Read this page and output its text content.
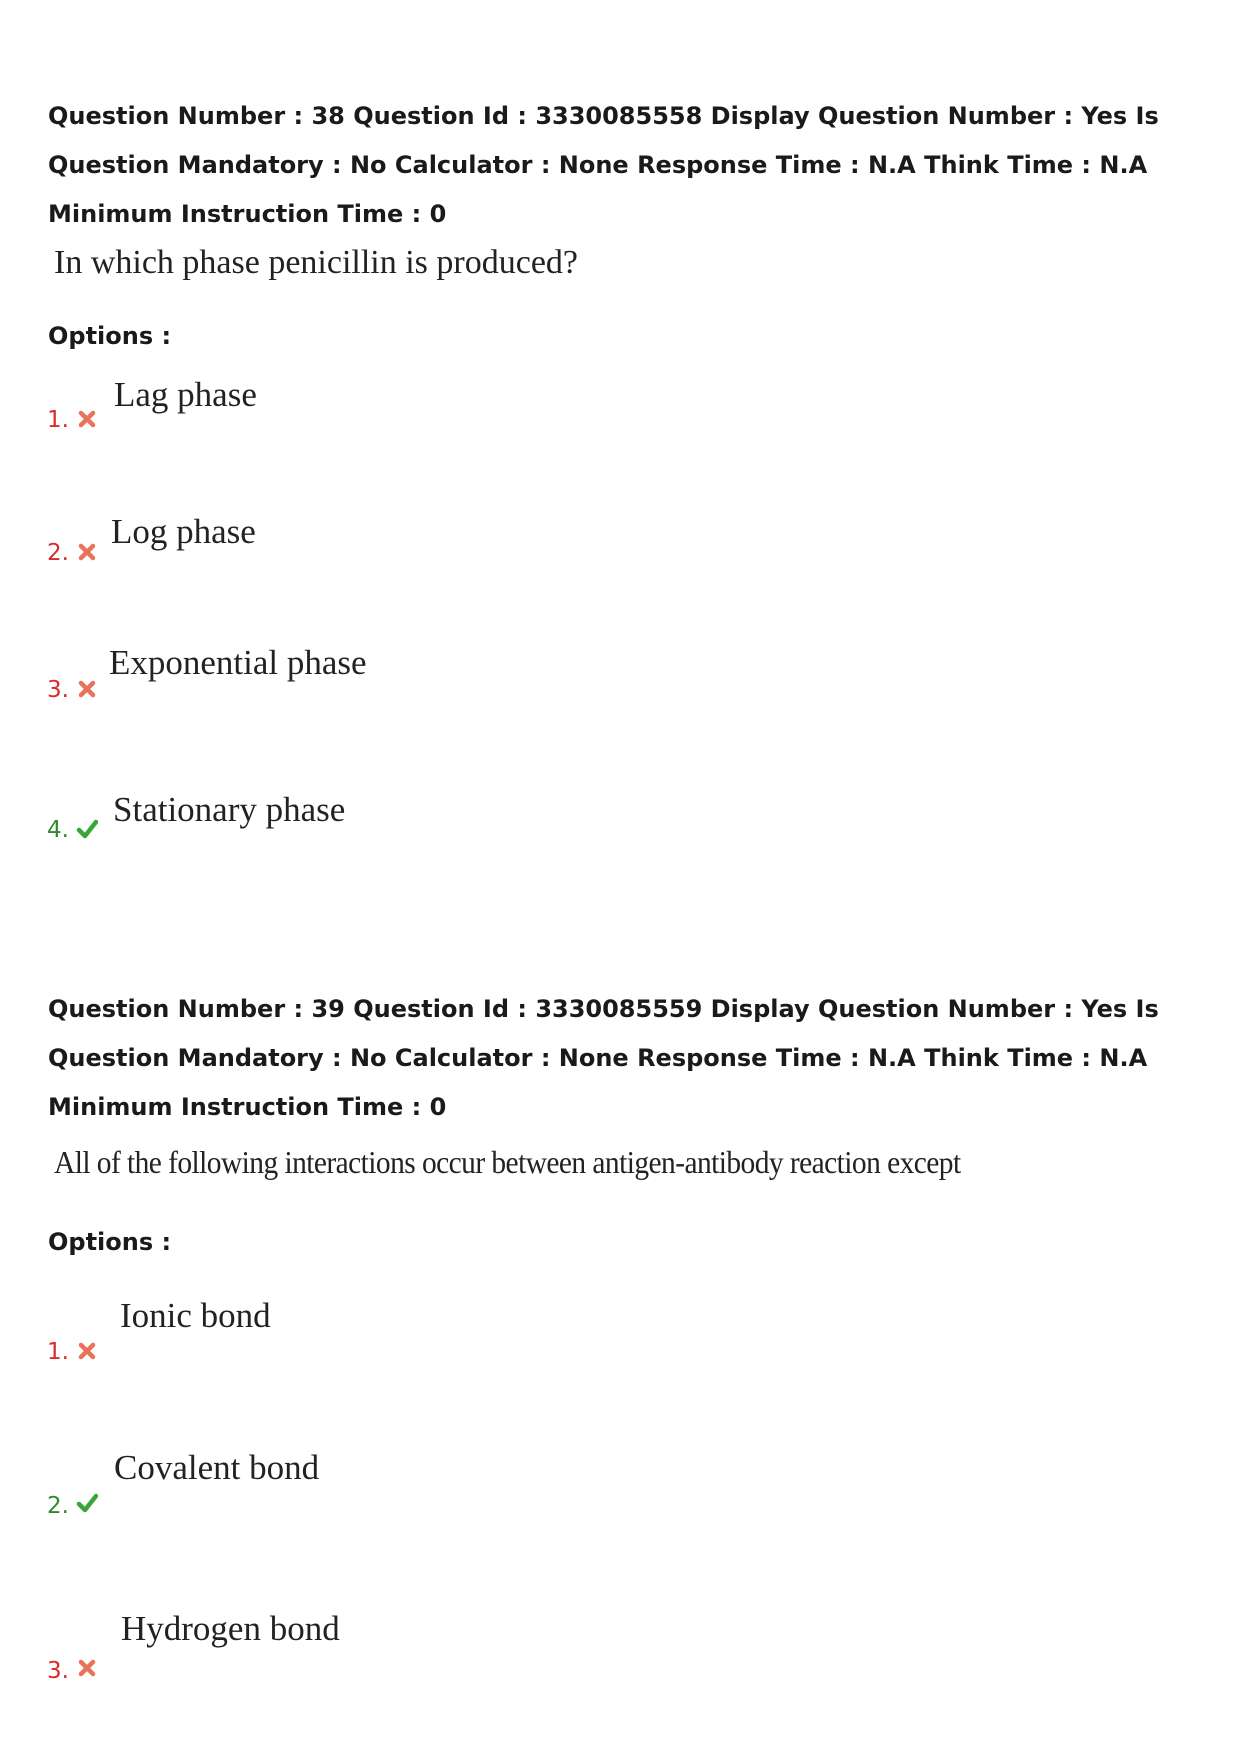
Question Number : 38 Question Id : 3330085558 Display Question Number : Yes Is Question Mandatory : No Calculator : None Response Time : N.A Think Time : N.A Minimum Instruction Time : 0

In which phase penicillin is produced?

Options :

1.
Lag phase
2.
Log phase
3.
Exponential phase
4.
Stationary phase

Question Number : 39 Question Id : 3330085559 Display Question Number : Yes Is Question Mandatory : No Calculator : None Response Time : N.A Think Time : N.A Minimum Instruction Time : 0

All of the following interactions occur between antigen-antibody reaction except

Options :

1.
Ionic bond
2.
Covalent bond
3.
Hydrogen bond
